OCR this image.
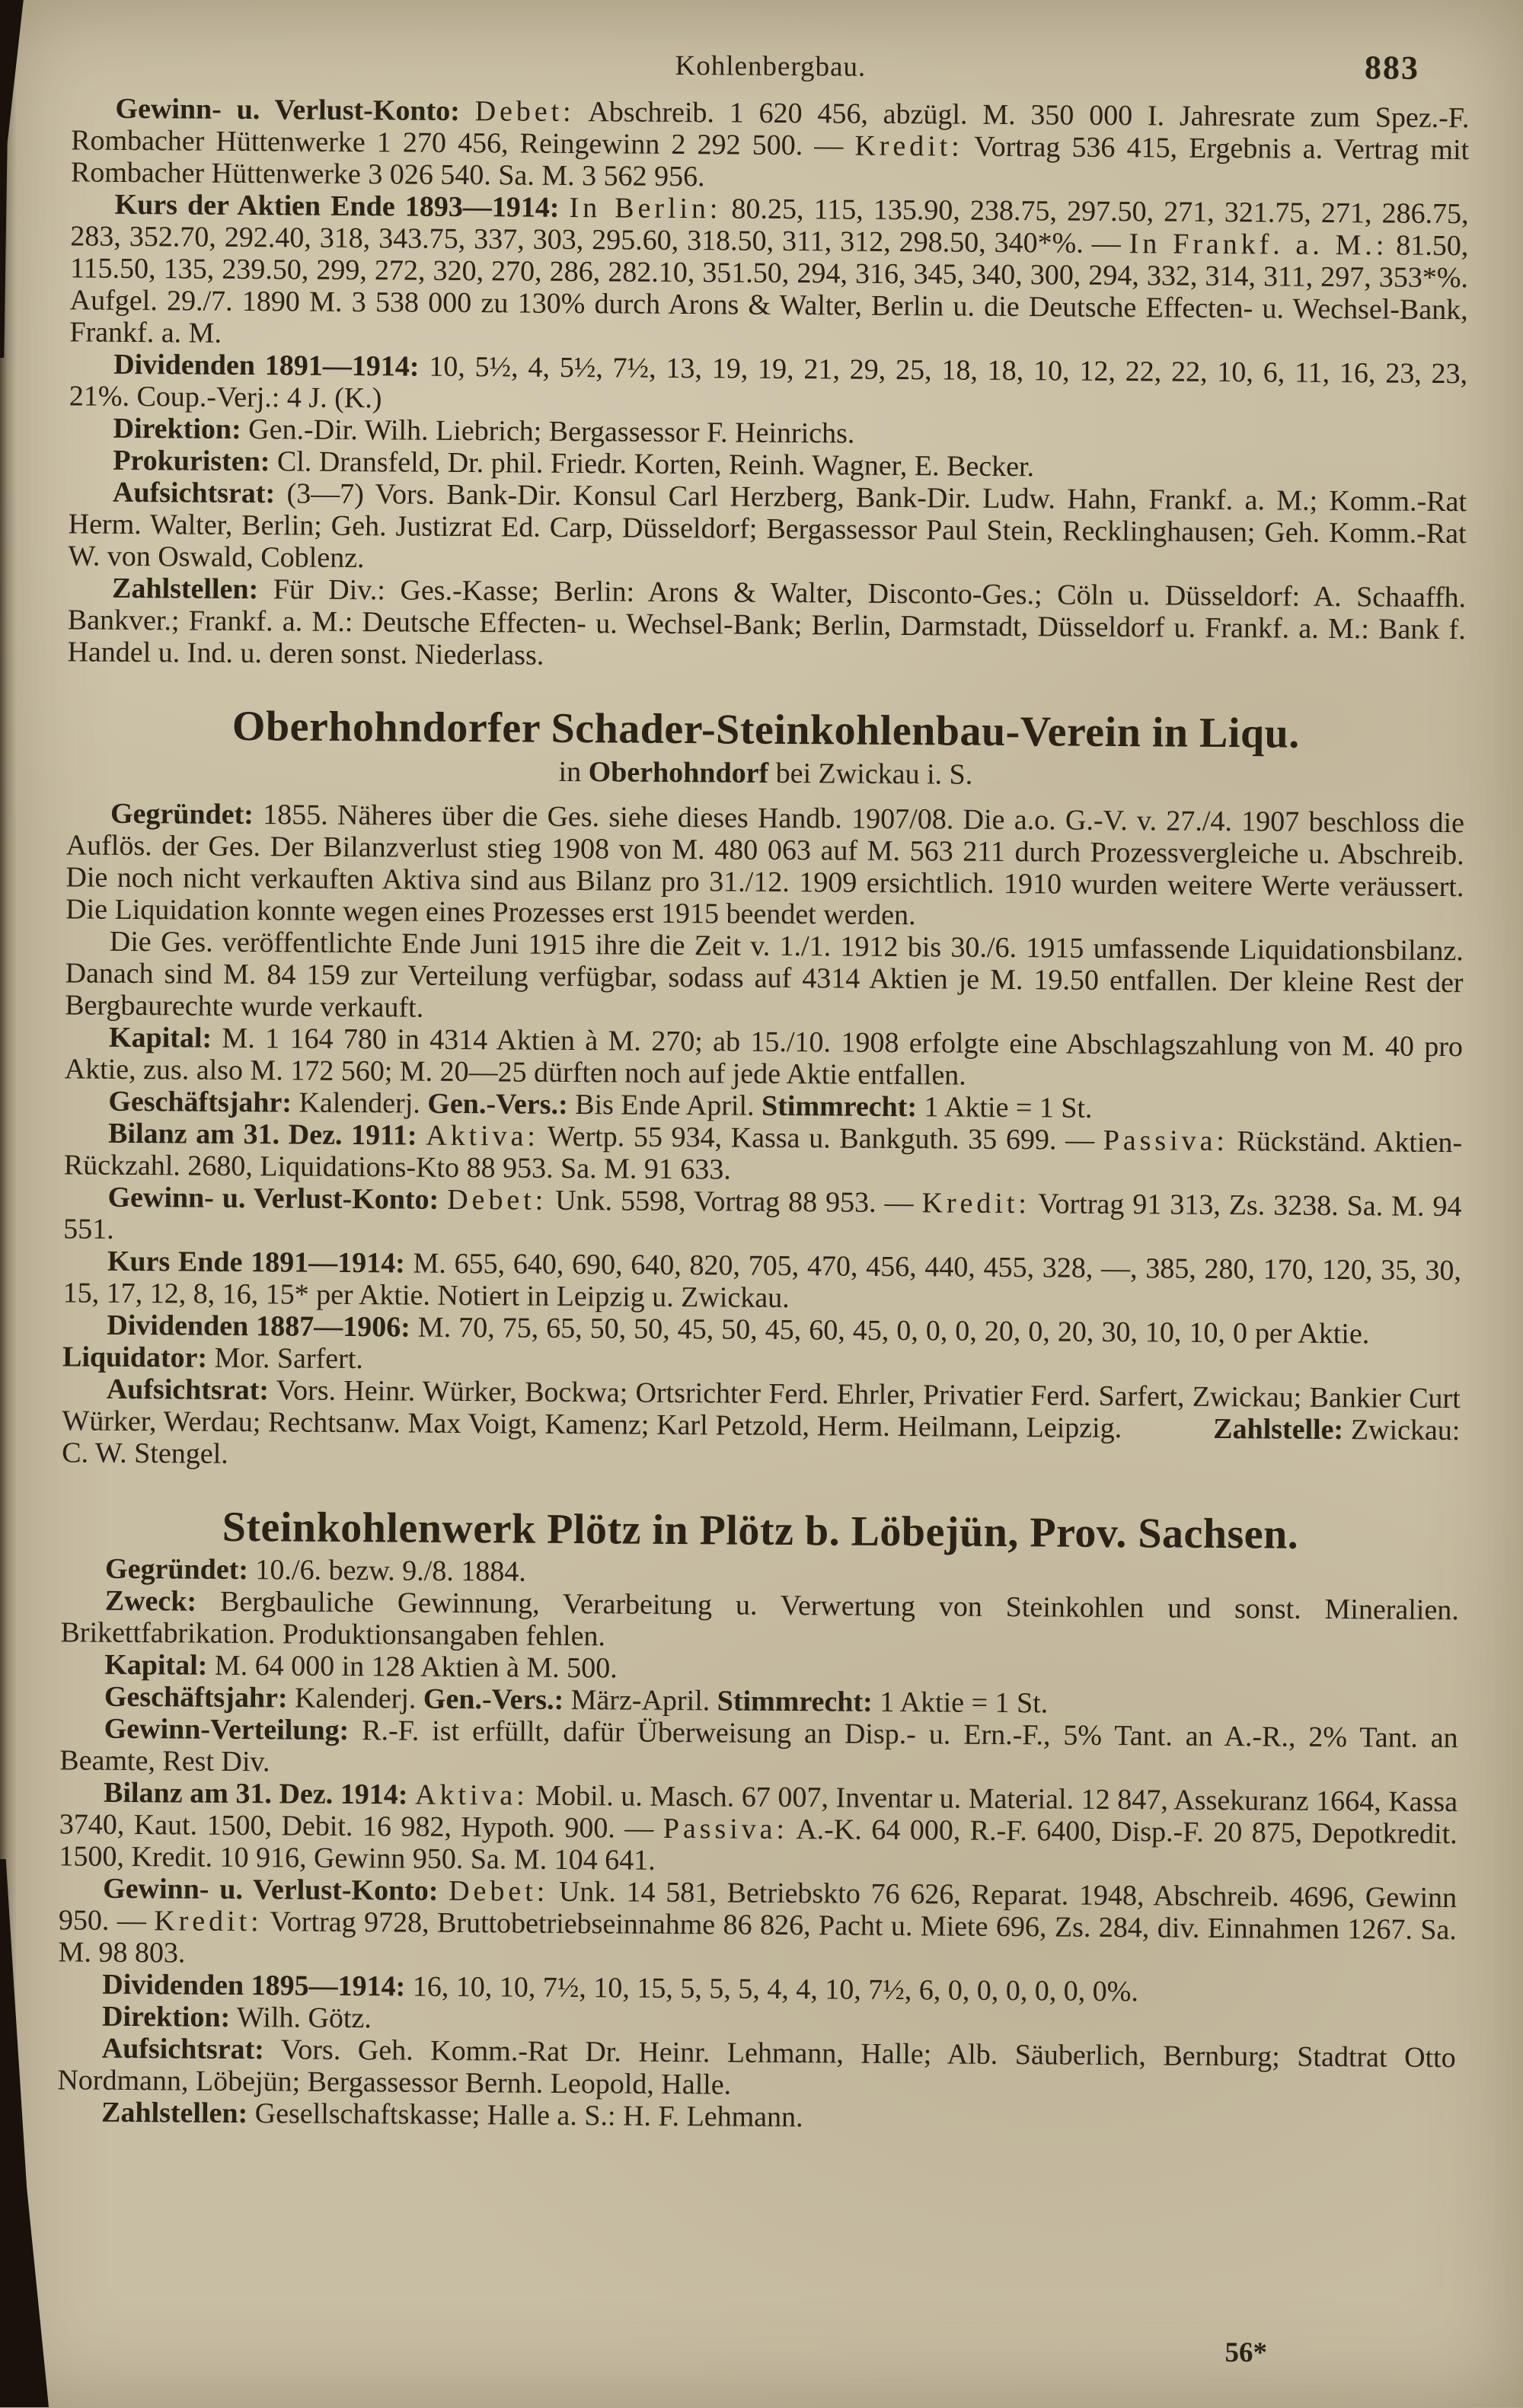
Kohlenbergbau.	883

Gewinn- u. Verlust-Konto: Debet: Abschreib. 1 620 456, abzügl. M. 350 000 I. Jahresrate zum Spez.-F. Rombacher Hüttenwerke 1 270 456, Reingewinn 2 292 500. — Kredit: Vortrag 536 415, Ergebnis a. Vertrag mit Rombacher Hüttenwerke 3 026 540. Sa. M. 3 562 956.

Kurs der Aktien Ende 1893—1914: In Berlin: 80.25, 115, 135.90, 238.75, 297.50, 271, 321.75, 271, 286.75, 283, 352.70, 292.40, 318, 343.75, 337, 303, 295.60, 318.50, 311, 312, 298.50, 340*%. — In Frankf. a. M.: 81.50, 115.50, 135, 239.50, 299, 272, 320, 270, 286, 282.10, 351.50, 294, 316, 345, 340, 300, 294, 332, 314, 311, 297, 353*%. Aufgel. 29./7. 1890 M. 3 538 000 zu 130% durch Arons & Walter, Berlin u. die Deutsche Effecten- u. Wechsel-Bank, Frankf. a. M.

Dividenden 1891—1914: 10, 5½, 4, 5½, 7½, 13, 19, 19, 21, 29, 25, 18, 18, 10, 12, 22, 22, 10, 6, 11, 16, 23, 23, 21%. Coup.-Verj.: 4 J. (K.)

Direktion: Gen.-Dir. Wilh. Liebrich; Bergassessor F. Heinrichs.

Prokuristen: Cl. Dransfeld, Dr. phil. Friedr. Korten, Reinh. Wagner, E. Becker.

Aufsichtsrat: (3—7) Vors. Bank-Dir. Konsul Carl Herzberg, Bank-Dir. Ludw. Hahn, Frankf. a. M.; Komm.-Rat Herm. Walter, Berlin; Geh. Justizrat Ed. Carp, Düsseldorf; Bergassessor Paul Stein, Recklinghausen; Geh. Komm.-Rat W. von Oswald, Coblenz.

Zahlstellen: Für Div.: Ges.-Kasse; Berlin: Arons & Walter, Disconto-Ges.; Cöln u. Düsseldorf: A. Schaaffh. Bankver.; Frankf. a. M.: Deutsche Effecten- u. Wechsel-Bank; Berlin, Darmstadt, Düsseldorf u. Frankf. a. M.: Bank f. Handel u. Ind. u. deren sonst. Niederlass.

Oberhohndorfer Schader-Steinkohlenbau-Verein in Liqu.
in Oberhohndorf bei Zwickau i. S.

Gegründet: 1855. Näheres über die Ges. siehe dieses Handb. 1907/08. Die a.o. G.-V. v. 27./4. 1907 beschloss die Auflös. der Ges. Der Bilanzverlust stieg 1908 von M. 480 063 auf M. 563 211 durch Prozessvergleiche u. Abschreib. Die noch nicht verkauften Aktiva sind aus Bilanz pro 31./12. 1909 ersichtlich. 1910 wurden weitere Werte veräussert. Die Liquidation konnte wegen eines Prozesses erst 1915 beendet werden.

Die Ges. veröffentlichte Ende Juni 1915 ihre die Zeit v. 1./1. 1912 bis 30./6. 1915 umfassende Liquidationsbilanz. Danach sind M. 84 159 zur Verteilung verfügbar, sodass auf 4314 Aktien je M. 19.50 entfallen. Der kleine Rest der Bergbaurechte wurde verkauft.

Kapital: M. 1 164 780 in 4314 Aktien à M. 270; ab 15./10. 1908 erfolgte eine Abschlagszahlung von M. 40 pro Aktie, zus. also M. 172 560; M. 20—25 dürften noch auf jede Aktie entfallen.

Geschäftsjahr: Kalenderj. Gen.-Vers.: Bis Ende April. Stimmrecht: 1 Aktie = 1 St.

Bilanz am 31. Dez. 1911: Aktiva: Wertp. 55 934, Kassa u. Bankguth. 35 699. — Passiva: Rückständ. Aktien-Rückzahl. 2680, Liquidations-Kto 88 953. Sa. M. 91 633.

Gewinn- u. Verlust-Konto: Debet: Unk. 5598, Vortrag 88 953. — Kredit: Vortrag 91 313, Zs. 3238. Sa. M. 94 551.

Kurs Ende 1891—1914: M. 655, 640, 690, 640, 820, 705, 470, 456, 440, 455, 328, —, 385, 280, 170, 120, 35, 30, 15, 17, 12, 8, 16, 15* per Aktie. Notiert in Leipzig u. Zwickau.

Dividenden 1887—1906: M. 70, 75, 65, 50, 50, 45, 50, 45, 60, 45, 0, 0, 0, 20, 0, 20, 30, 10, 10, 0 per Aktie.Liquidator: Mor. Sarfert.

Aufsichtsrat: Vors. Heinr. Würker, Bockwa; Ortsrichter Ferd. Ehrler, Privatier Ferd. Sarfert, Zwickau; Bankier Curt Würker, Werdau; Rechtsanw. Max Voigt, Kamenz; Karl Petzold, Herm. Heilmann, Leipzig.	Zahlstelle: Zwickau: C. W. Stengel.

Steinkohlenwerk Plötz in Plötz b. Löbejün, Prov. Sachsen.

Gegründet: 10./6. bezw. 9./8. 1884.

Zweck: Bergbauliche Gewinnung, Verarbeitung u. Verwertung von Steinkohlen und sonst. Mineralien. Brikettfabrikation. Produktionsangaben fehlen.

Kapital: M. 64 000 in 128 Aktien à M. 500.

Geschäftsjahr: Kalenderj. Gen.-Vers.: März-April. Stimmrecht: 1 Aktie = 1 St.

Gewinn-Verteilung: R.-F. ist erfüllt, dafür Überweisung an Disp.- u. Ern.-F., 5% Tant. an A.-R., 2% Tant. an Beamte, Rest Div.

Bilanz am 31. Dez. 1914: Aktiva: Mobil. u. Masch. 67 007, Inventar u. Material. 12 847, Assekuranz 1664, Kassa 3740, Kaut. 1500, Debit. 16 982, Hypoth. 900. — Passiva: A.-K. 64 000, R.-F. 6400, Disp.-F. 20 875, Depotkredit. 1500, Kredit. 10 916, Gewinn 950. Sa. M. 104 641.

Gewinn- u. Verlust-Konto: Debet: Unk. 14 581, Betriebskto 76 626, Reparat. 1948, Abschreib. 4696, Gewinn 950. — Kredit: Vortrag 9728, Bruttobetriebseinnahme 86 826, Pacht u. Miete 696, Zs. 284, div. Einnahmen 1267. Sa. M. 98 803.

Dividenden 1895—1914: 16, 10, 10, 7½, 10, 15, 5, 5, 5, 4, 4, 10, 7½, 6, 0, 0, 0, 0, 0, 0%.

Direktion: Wilh. Götz.

Aufsichtsrat: Vors. Geh. Komm.-Rat Dr. Heinr. Lehmann, Halle; Alb. Säuberlich, Bernburg; Stadtrat Otto Nordmann, Löbejün; Bergassessor Bernh. Leopold, Halle.

Zahlstellen: Gesellschaftskasse; Halle a. S.: H. F. Lehmann.

56*
